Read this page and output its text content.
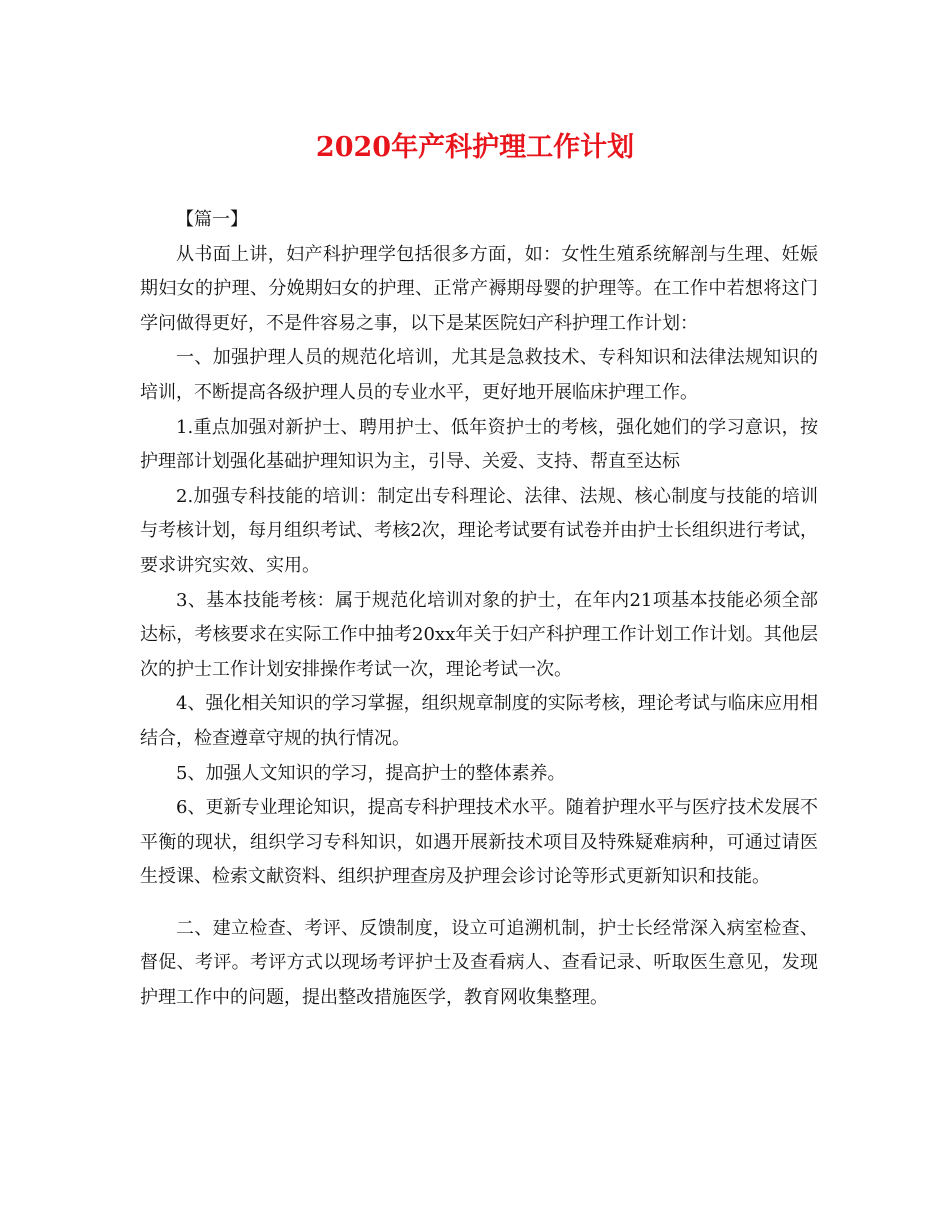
2020年产科护理工作计划

【篇一】

从书面上讲，妇产科护理学包括很多方面，如：女性生殖系统解剖与生理、妊娠期妇女的护理、分娩期妇女的护理、正常产褥期母婴的护理等。在工作中若想将这门学问做得更好，不是件容易之事，以下是某医院妇产科护理工作计划：

一、加强护理人员的规范化培训，尤其是急救技术、专科知识和法律法规知识的培训，不断提高各级护理人员的专业水平，更好地开展临床护理工作。

1.重点加强对新护士、聘用护士、低年资护士的考核，强化她们的学习意识，按护理部计划强化基础护理知识为主，引导、关爱、支持、帮直至达标

2.加强专科技能的培训：制定出专科理论、法律、法规、核心制度与技能的培训与考核计划，每月组织考试、考核2次，理论考试要有试卷并由护士长组织进行考试，要求讲究实效、实用。

3、基本技能考核：属于规范化培训对象的护士，在年内21项基本技能必须全部达标，考核要求在实际工作中抽考20xx年关于妇产科护理工作计划工作计划。其他层次的护士工作计划安排操作考试一次，理论考试一次。

4、强化相关知识的学习掌握，组织规章制度的实际考核，理论考试与临床应用相结合，检查遵章守规的执行情况。

5、加强人文知识的学习，提高护士的整体素养。

6、更新专业理论知识，提高专科护理技术水平。随着护理水平与医疗技术发展不平衡的现状，组织学习专科知识，如遇开展新技术项目及特殊疑难病种，可通过请医生授课、检索文献资料、组织护理查房及护理会诊讨论等形式更新知识和技能。

二、建立检查、考评、反馈制度，设立可追溯机制，护士长经常深入病室检查、督促、考评。考评方式以现场考评护士及查看病人、查看记录、听取医生意见，发现护理工作中的问题，提出整改措施医学，教育网收集整理。
